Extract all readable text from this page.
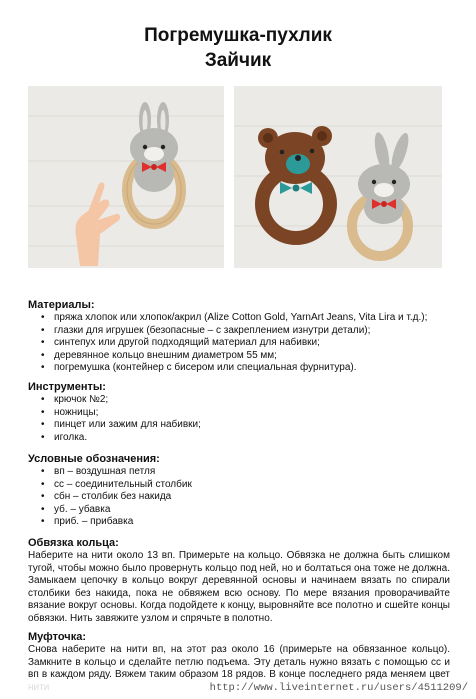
Погремушка-пухлик
Зайчик

Материалы:

• пряжа хлопок или хлопок/акрил (Alize Cotton Gold, YarnArt Jeans, Vita Lira и т.д.);
• глазки для игрушек (безопасные – с закреплением изнутри детали);
• синтепух или другой подходящий материал для набивки;
• деревянное кольцо внешним диаметром 55 мм;
• погремушка (контейнер с бисером или специальная фурнитура).

Инструменты:

• крючок №2;
• ножницы;
• пинцет или зажим для набивки;
• иголка.

Условные обозначения:

• вп – воздушная петля
• сс – соединительный столбик
• сбн – столбик без накида
• уб. – убавка
• приб. – прибавка

Обвязка кольца:

Наберите на нити около 13 вп. Примерьте на кольцо. Обвязка не должна быть слишком тугой, чтобы можно было провернуть кольцо под ней, но и болтаться она тоже не должна. Замыкаем цепочку в кольцо вокруг деревянной основы и начинаем вязать по спирали столбики без накида, пока не обвяжем всю основу. По мере вязания проворачивайте вязание вокруг основы. Когда подойдете к концу, выровняйте все полотно и сшейте концы обвязки. Нить завяжите узлом и спрячьте в полотно.

Муфточка:

Снова наберите на нити вп, на этот раз около 16 (примерьте на обвязанное кольцо). Замкните в кольцо и сделайте петлю подъема. Эту деталь нужно вязать с помощью сс и вп в каждом ряду. Вяжем таким образом 18 рядов. В конце последнего ряда меняем цвет

http://www.liveinternet.ru/users/4511209/
